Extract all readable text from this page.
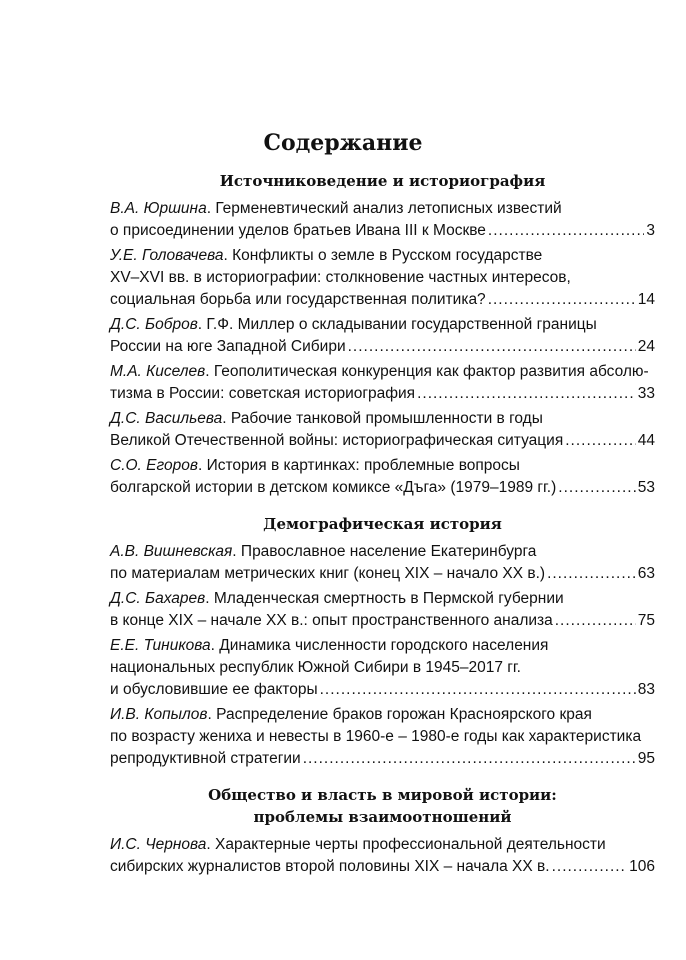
Содержание
Источниковедение и историография
В.А. Юршина. Герменевтический анализ летописных известий
о присоединении уделов братьев Ивана III к Москве .....	3
У.Е. Головачева. Конфликты о земле в Русском государстве
XV–XVI вв. в историографии: столкновение частных интересов,
социальная борьба или государственная политика? .....	14
Д.С. Бобров. Г.Ф. Миллер о складывании государственной границы
России на юге Западной Сибири .....	24
М.А. Киселев. Геополитическая конкуренция как фактор развития абсолю-
тизма в России: советская историография .....	33
Д.С. Васильева. Рабочие танковой промышленности в годы
Великой Отечественной войны: историографическая ситуация .....	44
С.О. Егоров. История в картинках: проблемные вопросы
болгарской истории в детском комиксе «Дъга» (1979–1989 гг.) .....	53
Демографическая история
А.В. Вишневская. Православное население Екатеринбурга
по материалам метрических книг (конец XIX – начало XX в.) .....	63
Д.С. Бахарев. Младенческая смертность в Пермской губернии
в конце XIX – начале XX в.: опыт пространственного анализа .....	75
Е.Е. Тиникова. Динамика численности городского населения
национальных республик Южной Сибири в 1945–2017 гг.
и обусловившие ее факторы .....	83
И.В. Копылов. Распределение браков горожан Красноярского края
по возрасту жениха и невесты в 1960-е – 1980-е годы как характеристика
репродуктивной стратегии .....	95
Общество и власть в мировой истории:
проблемы взаимоотношений
И.С. Чернова. Характерные черты профессиональной деятельности
сибирских журналистов второй половины XIX – начала XX в. .....	106
